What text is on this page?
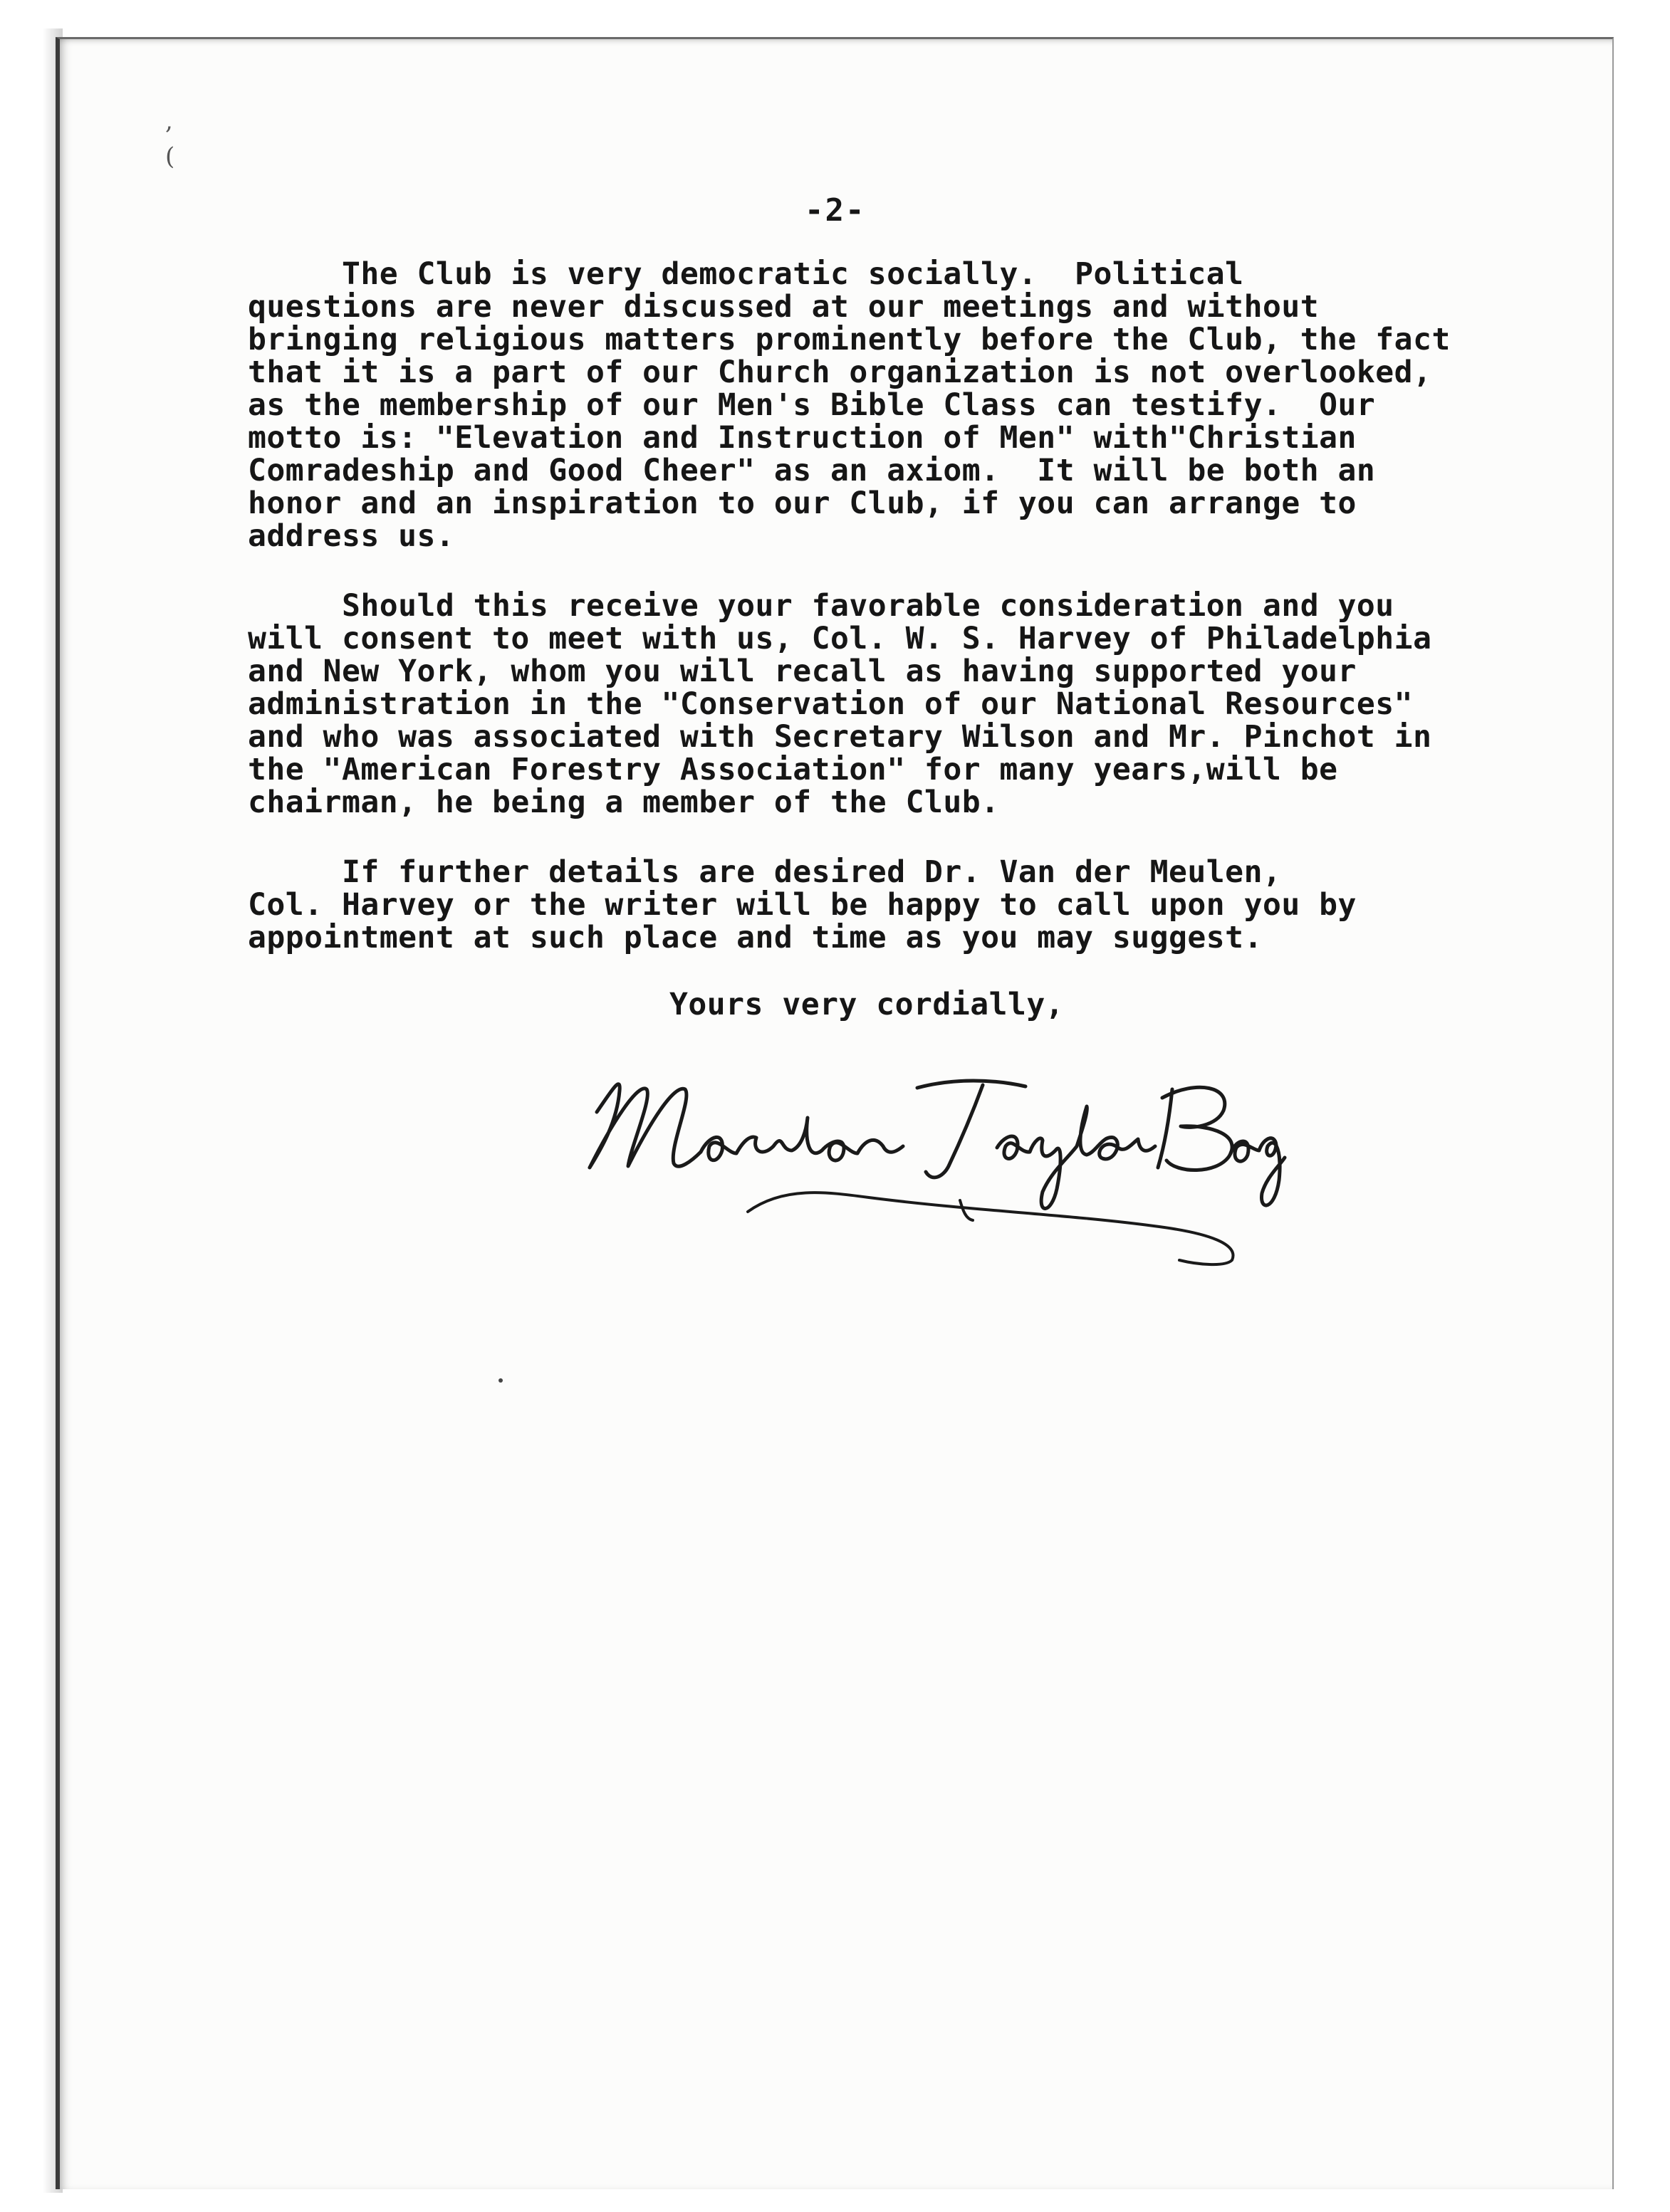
,
(
-2-
The Club is very democratic socially.  Political
questions are never discussed at our meetings and without
bringing religious matters prominently before the Club, the fact
that it is a part of our Church organization is not overlooked,
as the membership of our Men's Bible Class can testify.  Our
motto is: "Elevation and Instruction of Men" with"Christian
Comradeship and Good Cheer" as an axiom.  It will be both an
honor and an inspiration to our Club, if you can arrange to
address us.
Should this receive your favorable consideration and you
will consent to meet with us, Col. W. S. Harvey of Philadelphia
and New York, whom you will recall as having supported your
administration in the "Conservation of our National Resources"
and who was associated with Secretary Wilson and Mr. Pinchot in
the "American Forestry Association" for many years,will be
chairman, he being a member of the Club.
If further details are desired Dr. Van der Meulen,
Col. Harvey or the writer will be happy to call upon you by
appointment at such place and time as you may suggest.
Yours very cordially,
